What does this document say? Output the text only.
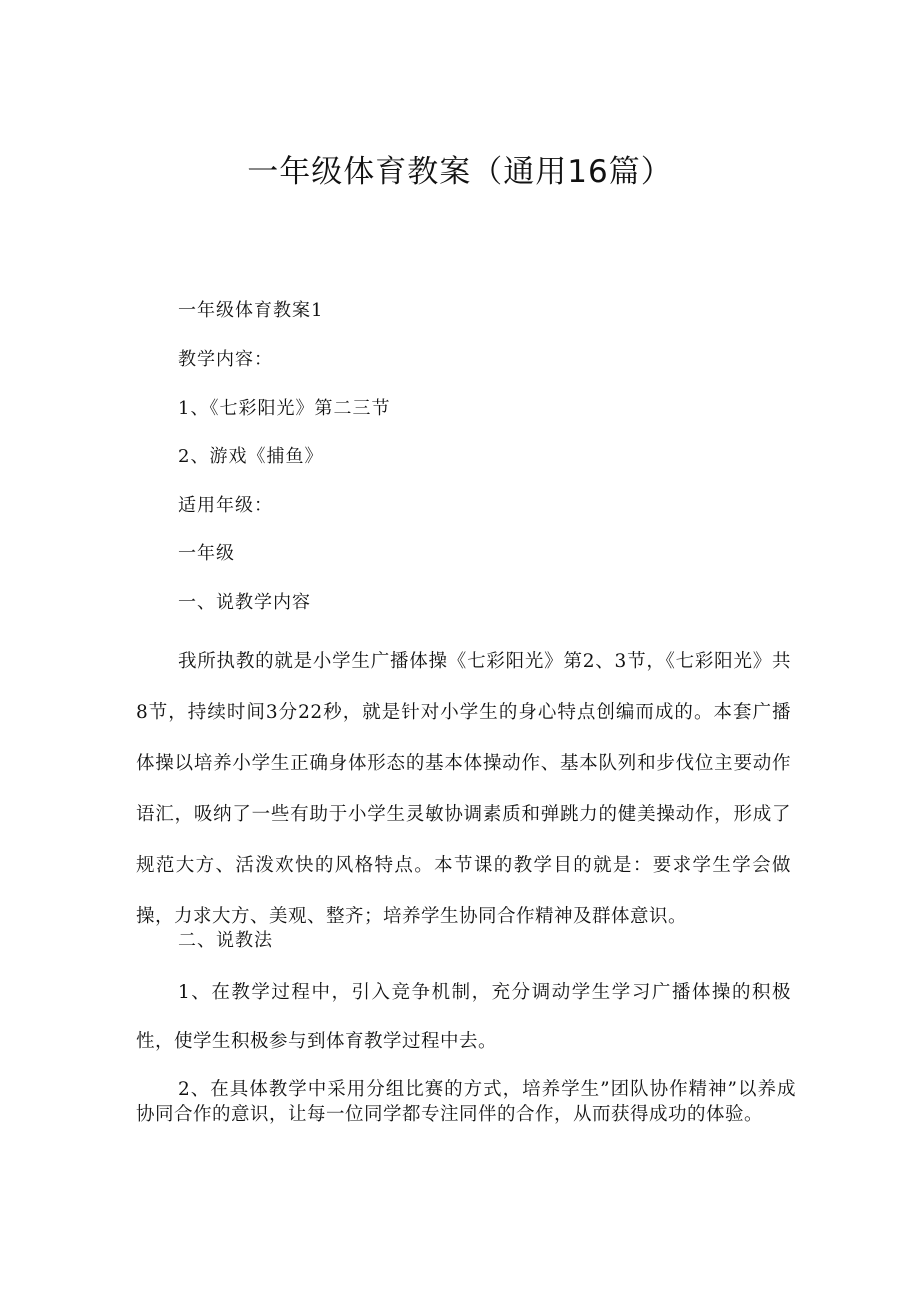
一年级体育教案（通用16篇）

一年级体育教案1

教学内容：

1、《七彩阳光》第二三节

2、游戏《捕鱼》

适用年级：

一年级

一、说教学内容

我所执教的就是小学生广播体操《七彩阳光》第2、3节，《七彩阳光》共8节，持续时间3分22秒，就是针对小学生的身心特点创编而成的。本套广播体操以培养小学生正确身体形态的基本体操动作、基本队列和步伐位主要动作语汇，吸纳了一些有助于小学生灵敏协调素质和弹跳力的健美操动作，形成了规范大方、活泼欢快的风格特点。本节课的教学目的就是：要求学生学会做操，力求大方、美观、整齐；培养学生协同合作精神及群体意识。

二、说教法

1、在教学过程中，引入竞争机制，充分调动学生学习广播体操的积极性，使学生积极参与到体育教学过程中去。

2、在具体教学中采用分组比赛的方式，培养学生”团队协作精神”以养成协同合作的意识，让每一位同学都专注同伴的合作，从而获得成功的体验。
